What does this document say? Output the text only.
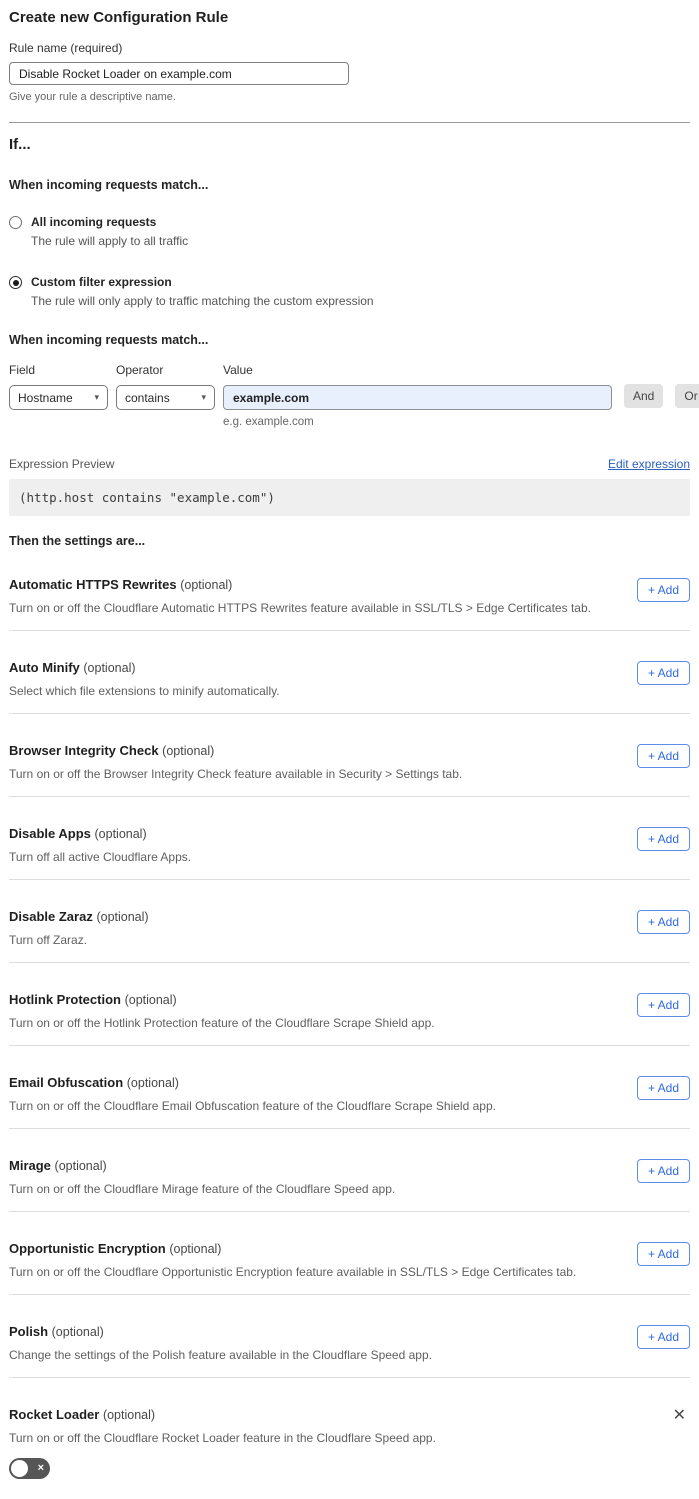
Create new Configuration Rule
Rule name (required)
Disable Rocket Loader on example.com
Give your rule a descriptive name.
If...
When incoming requests match...
All incoming requests
The rule will apply to all traffic
Custom filter expression
The rule will only apply to traffic matching the custom expression
When incoming requests match...
Field
Hostname ▾
Operator
contains	▾
Value
example.com
e.g. example.com
And	Or
Expression Preview	Edit expression
(http.host contains "example.com")
Then the settings are...
Automatic HTTPS Rewrites (optional)
Turn on or off the Cloudflare Automatic HTTPS Rewrites feature available in SSL/TLS > Edge Certificates tab.
+ Add
Auto Minify (optional)
Select which file extensions to minify automatically.
+ Add
Browser Integrity Check (optional)
Turn on or off the Browser Integrity Check feature available in Security > Settings tab.
+ Add
Disable Apps (optional)
Turn off all active Cloudflare Apps.
+ Add
Disable Zaraz (optional)
Turn off Zaraz.
+ Add
Hotlink Protection (optional)
Turn on or off the Hotlink Protection feature of the Cloudflare Scrape Shield app.
+ Add
Email Obfuscation (optional)
Turn on or off the Cloudflare Email Obfuscation feature of the Cloudflare Scrape Shield app.
+ Add
Mirage (optional)
Turn on or off the Cloudflare Mirage feature of the Cloudflare Speed app.
+ Add
Opportunistic Encryption (optional)
Turn on or off the Cloudflare Opportunistic Encryption feature available in SSL/TLS > Edge Certificates tab.
+ Add
Polish (optional)
Change the settings of the Polish feature available in the Cloudflare Speed app.
+ Add
Rocket Loader (optional)
Turn on or off the Cloudflare Rocket Loader feature in the Cloudflare Speed app.
×
✕
